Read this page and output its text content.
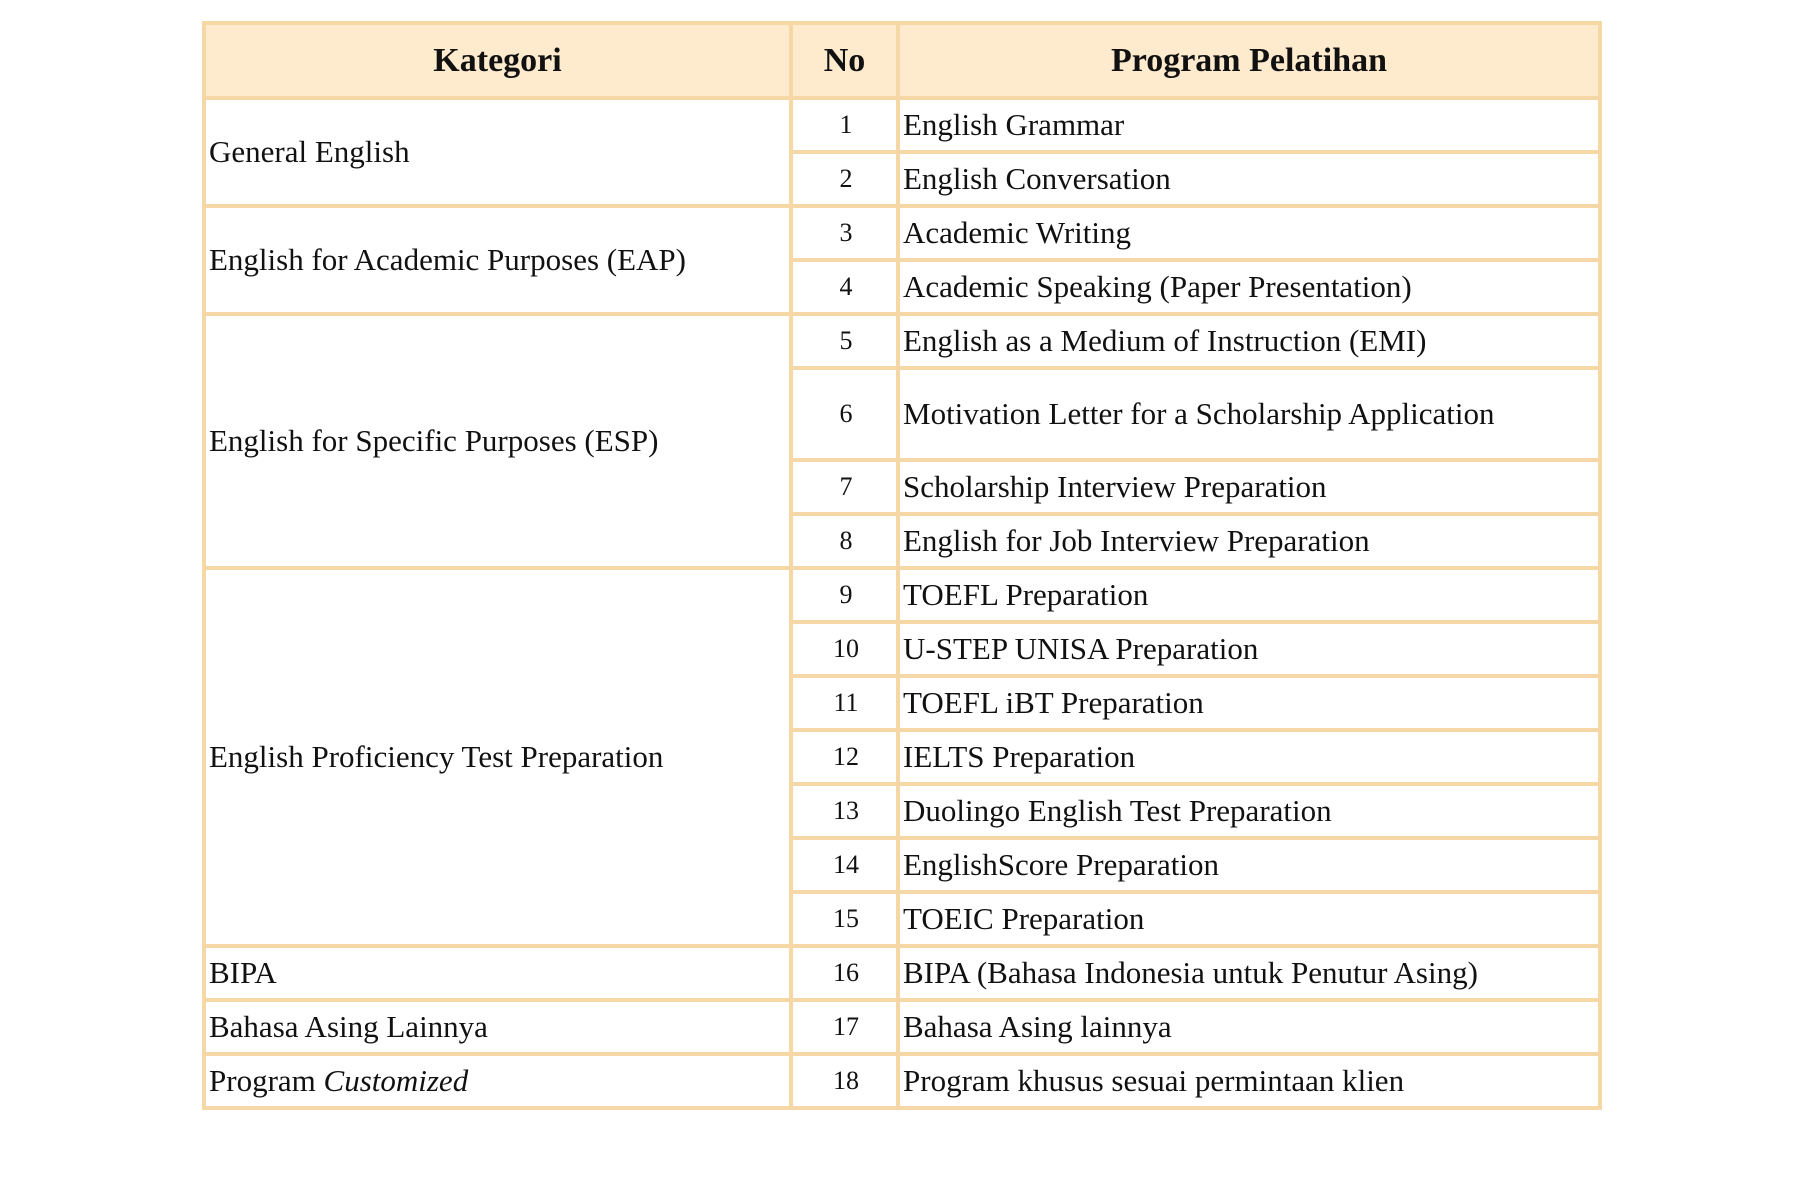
Kategori	No	Program Pelatihan
General English	1	English Grammar
	2	English Conversation
English for Academic Purposes (EAP)	3	Academic Writing
	4	Academic Speaking (Paper Presentation)
English for Specific Purposes (ESP)	5	English as a Medium of Instruction (EMI)
	6	Motivation Letter for a Scholarship Application
	7	Scholarship Interview Preparation
	8	English for Job Interview Preparation
English Proficiency Test Preparation	9	TOEFL Preparation
	10	U-STEP UNISA Preparation
	11	TOEFL iBT Preparation
	12	IELTS Preparation
	13	Duolingo English Test Preparation
	14	EnglishScore Preparation
	15	TOEIC Preparation
BIPA	16	BIPA (Bahasa Indonesia untuk Penutur Asing)
Bahasa Asing Lainnya	17	Bahasa Asing lainnya
Program Customized	18	Program khusus sesuai permintaan klien
